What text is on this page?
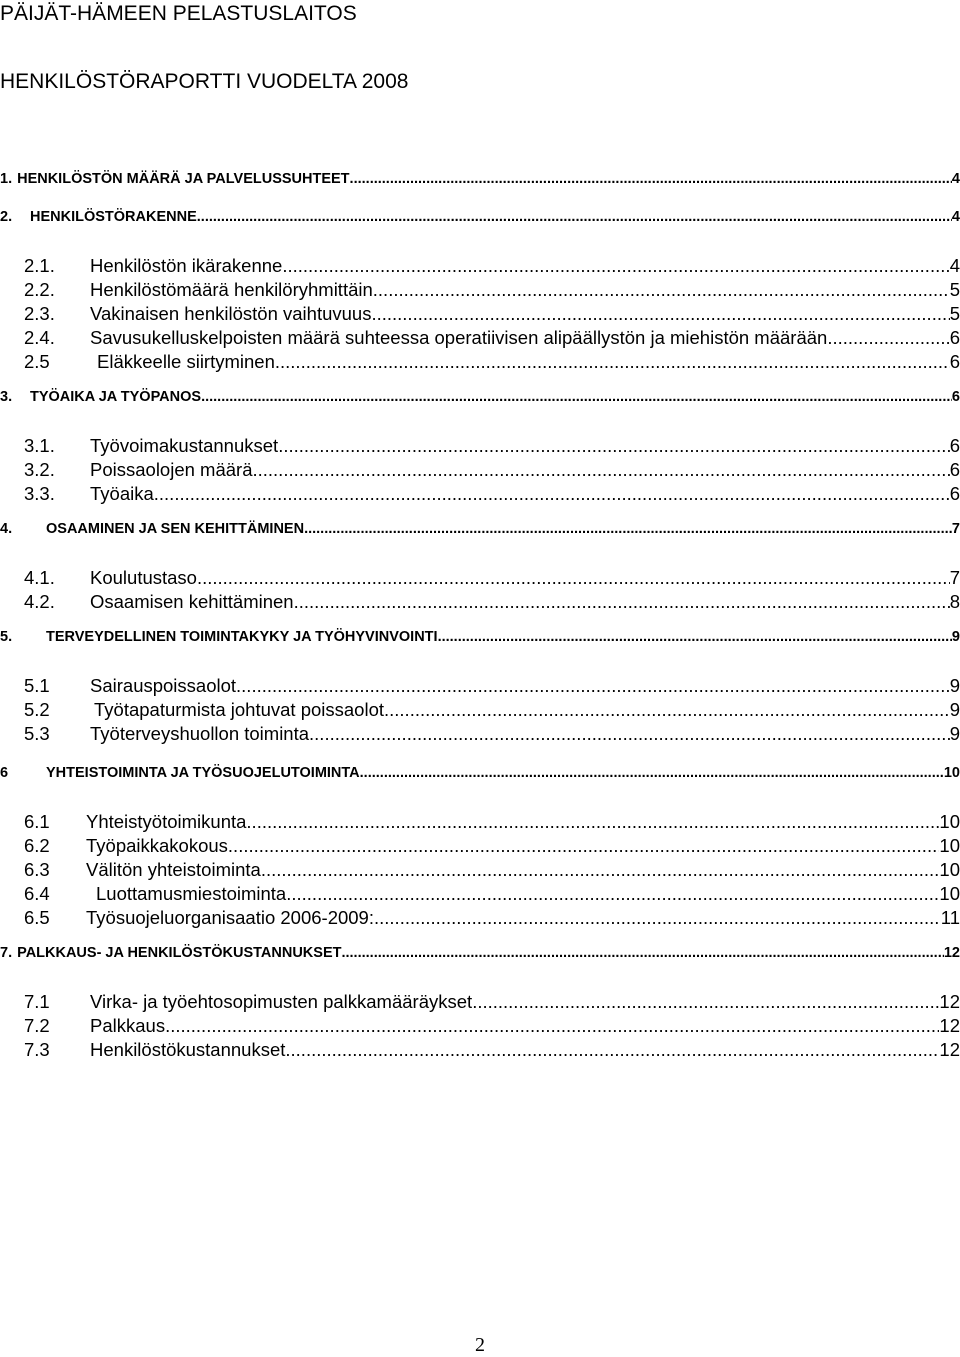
PÄIJÄT-HÄMEEN PELASTUSLAITOS
HENKILÖSTÖRAPORTTI VUODELTA 2008
1. HENKILÖSTÖN MÄÄRÄ JA PALVELUSSUHTEET .....	4
2.	HENKILÖSTÖRAKENNE .....	4
2.1.	Henkilöstön ikärakenne .....	4
2.2.	Henkilöstömäärä henkilöryhmittäin .....	5
2.3.	Vakinaisen henkilöstön vaihtuvuus .....	5
2.4.	Savusukelluskelpoisten määrä suhteessa operatiivisen alipäällystön ja miehistön määrään .....	6
2.5	Eläkkeelle siirtyminen .....	6
3.	TYÖAIKA JA TYÖPANOS .....	6
3.1.	Työvoimakustannukset .....	6
3.2.	Poissaolojen määrä .....	6
3.3.	Työaika .....	6
4.	OSAAMINEN JA SEN KEHITTÄMINEN .....	7
4.1.	Koulutustaso .....	7
4.2.	Osaamisen kehittäminen .....	8
5.	TERVEYDELLINEN TOIMINTAKYKY JA TYÖHYVINVOINTI .....	9
5.1	Sairauspoissaolot .....	9
5.2	Työtapaturmista johtuvat poissaolot .....	9
5.3	Työterveyshuollon toiminta .....	9
6	YHTEISTOIMINTA JA TYÖSUOJELUTOIMINTA .....	10
6.1	Yhteistyötoimikunta .....	10
6.2	Työpaikkakokous .....	10
6.3	Välitön yhteistoiminta .....	10
6.4	Luottamusmiestoiminta .....	10
6.5	Työsuojeluorganisaatio 2006-2009: .....	11
7. PALKKAUS- JA HENKILÖSTÖKUSTANNUKSET .....	12
7.1	Virka- ja työehtosopimusten palkkamääräykset .....	12
7.2	Palkkaus .....	12
7.3	Henkilöstökustannukset .....	12
2
